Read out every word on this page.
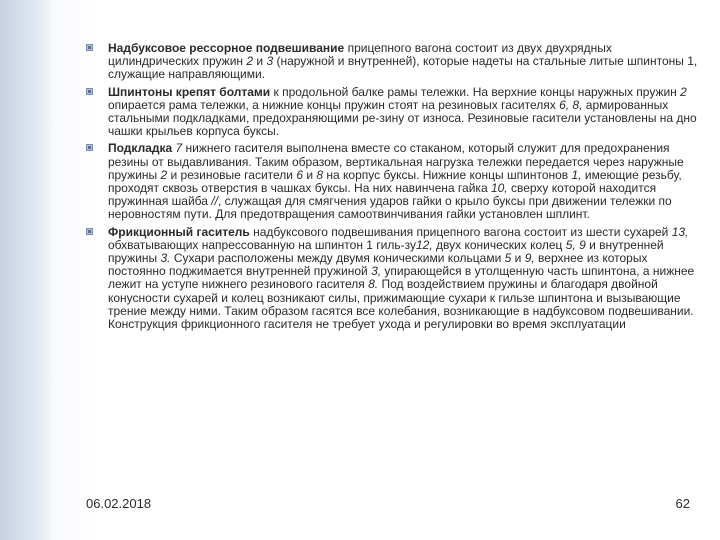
Надбуксовое рессорное подвешивание прицепного вагона состоит из двух двухрядных цилиндрических пружин 2 и 3 (наружной и внутренней), которые надеты на стальные литые шпинтоны 1, служащие направляющими.
Шпинтоны крепят болтами к продольной балке рамы тележки. На верхние концы наружных пружин 2 опирается рама тележки, а нижние концы пружин стоят на резиновых гасителях 6, 8, армированных стальными подкладками, предохраняющими ре-зину от износа. Резиновые гасители установлены на дно чашки крыльев корпуса буксы.
Подкладка 7 нижнего гасителя выполнена вместе со стаканом, который служит для предохранения резины от выдавливания. Таким образом, вертикальная нагрузка тележки передается через наружные пружины 2 и резиновые гасители 6 и 8 на корпус буксы. Нижние концы шпинтонов 1, имеющие резьбу, проходят сквозь отверстия в чашках буксы. На них навинчена гайка 10, сверху которой находится пружинная шайба //, служащая для смягчения ударов гайки о крыло буксы при движении тележки по неровностям пути. Для предотвращения самоотвинчивания гайки установлен шплинт.
Фрикционный гаситель надбуксового подвешивания прицепного вагона состоит из шести сухарей 13, обхватывающих напрессованную на шпинтон 1 гиль-зу12, двух конических колец 5, 9 и внутренней пружины 3. Сухари расположены между двумя коническими кольцами 5 и 9, верхнее из которых постоянно поджимается внутренней пружиной 3, упирающейся в утолщенную часть шпинтона, а нижнее лежит на уступе нижнего резинового гасителя 8. Под воздействием пружины и благодаря двойной конусности сухарей и колец возникают силы, прижимающие сухари к гильзе шпинтона и вызывающие трение между ними. Таким образом гасятся все колебания, возникающие в надбуксовом подвешивании. Конструкция фрикционного гасителя не требует ухода и регулировки во время эксплуатации
06.02.2018	62
